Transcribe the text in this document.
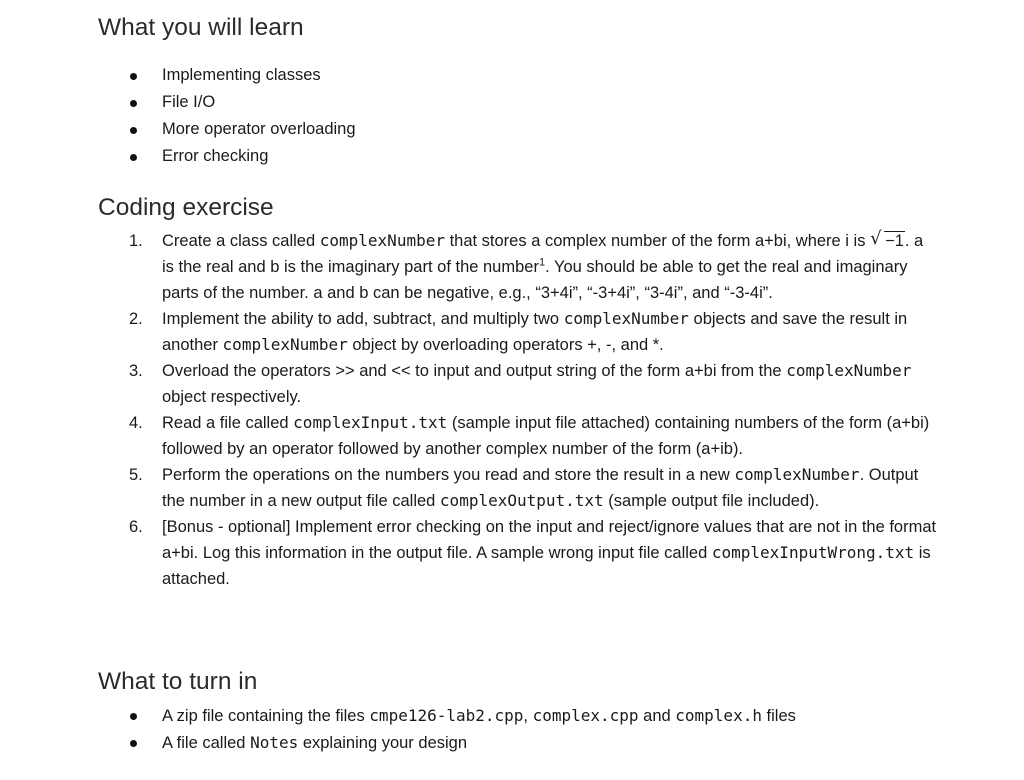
What you will learn
Implementing classes
File I/O
More operator overloading
Error checking
Coding exercise
1. Create a class called complexNumber that stores a complex number of the form a+bi, where i is √ −1. a is the real and b is the imaginary part of the number$^1$. You should be able to get the real and imaginary parts of the number. a and b can be negative, e.g., “3+4i”, “-3+4i”, “3-4i”, and “-3-4i”.
2. Implement the ability to add, subtract, and multiply two complexNumber objects and save the result in another complexNumber object by overloading operators +, -, and *.
3. Overload the operators >> and << to input and output string of the form a+bi from the complexNumber object respectively.
4. Read a file called complexInput.txt (sample input file attached) containing numbers of the form (a+bi) followed by an operator followed by another complex number of the form (a+ib).
5. Perform the operations on the numbers you read and store the result in a new complexNumber. Output the number in a new output file called complexOutput.txt (sample output file included).
6. [Bonus - optional] Implement error checking on the input and reject/ignore values that are not in the format a+bi. Log this information in the output file. A sample wrong input file called complexInputWrong.txt is attached.
What to turn in
A zip file containing the files cmpe126-lab2.cpp, complex.cpp and complex.h files
A file called Notes explaining your design
